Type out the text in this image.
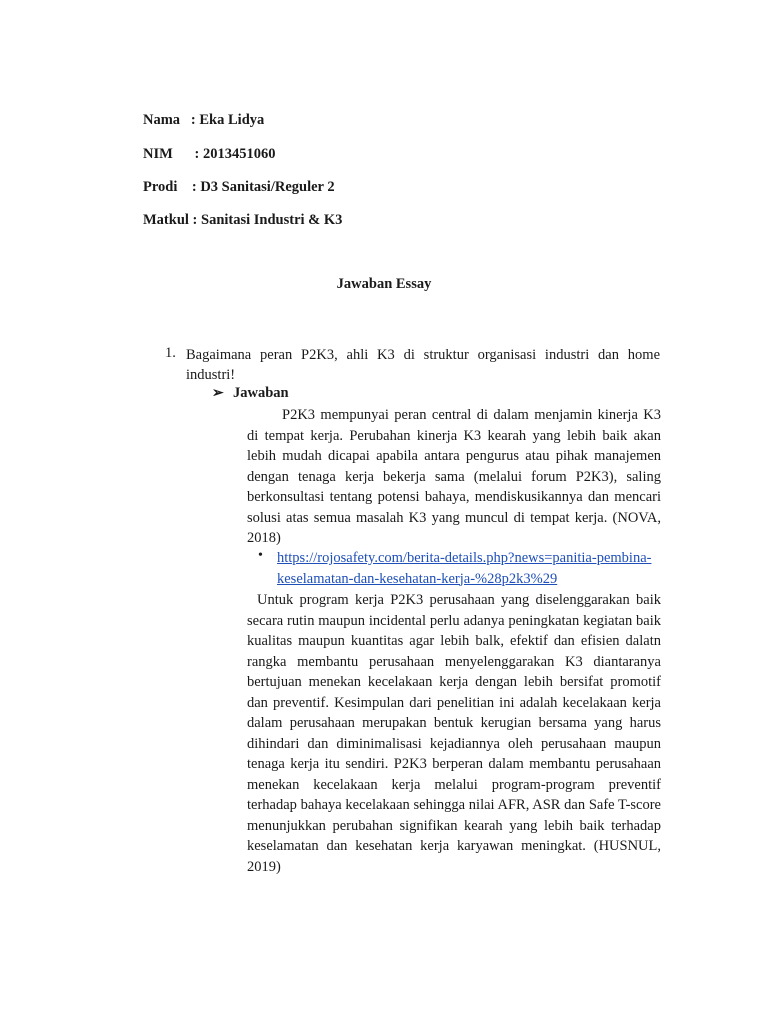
Nama   : Eka Lidya
NIM      : 2013451060
Prodi    : D3 Sanitasi/Reguler 2
Matkul : Sanitasi Industri & K3
Jawaban Essay
1. Bagaimana peran P2K3, ahli K3 di struktur organisasi industri dan home industri!
➢ Jawaban
P2K3 mempunyai peran central di dalam menjamin kinerja K3 di tempat kerja. Perubahan kinerja K3 kearah yang lebih baik akan lebih mudah dicapai apabila antara pengurus atau pihak manajemen dengan tenaga kerja bekerja sama (melalui forum P2K3), saling berkonsultasi tentang potensi bahaya, mendiskusikannya dan mencari solusi atas semua masalah K3 yang muncul di tempat kerja. (NOVA, 2018)
• https://rojosafety.com/berita-details.php?news=panitia-pembina-keselamatan-dan-kesehatan-kerja-%28p2k3%29
Untuk program kerja P2K3 perusahaan yang diselenggarakan baik secara rutin maupun incidental perlu adanya peningkatan kegiatan baik kualitas maupun kuantitas agar lebih balk, efektif dan efisien dalatn rangka membantu perusahaan menyelenggarakan K3 diantaranya bertujuan menekan kecelakaan kerja dengan lebih bersifat promotif dan preventif. Kesimpulan dari penelitian ini adalah kecelakaan kerja dalam perusahaan merupakan bentuk kerugian bersama yang harus dihindari dan diminimalisasi kejadiannya oleh perusahaan maupun tenaga kerja itu sendiri. P2K3 berperan dalam membantu perusahaan menekan kecelakaan kerja melalui program-program preventif terhadap bahaya kecelakaan sehingga nilai AFR, ASR dan Safe T-score menunjukkan perubahan signifikan kearah yang lebih baik terhadap keselamatan dan kesehatan kerja karyawan meningkat. (HUSNUL, 2019)
